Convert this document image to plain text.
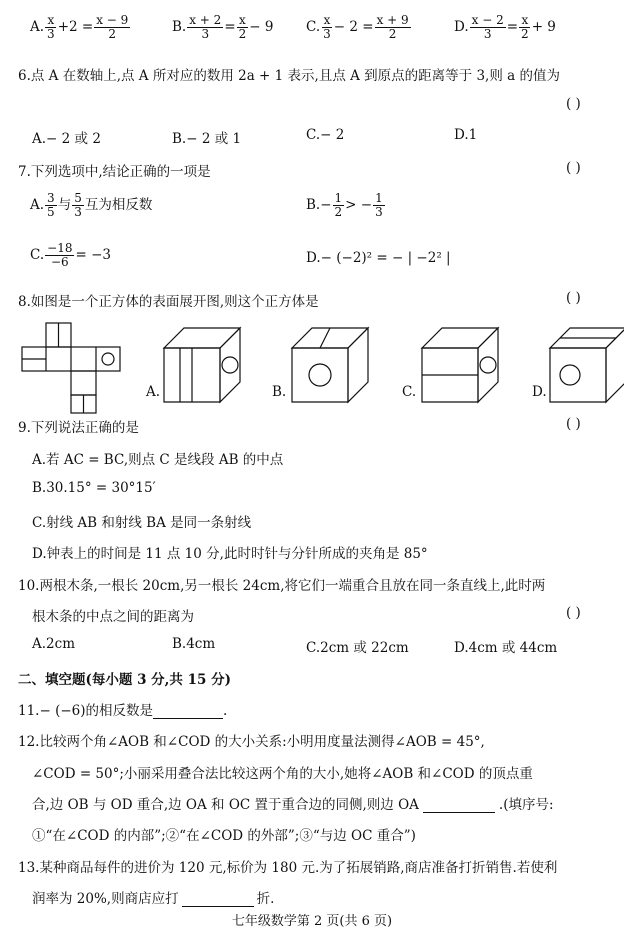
A. $\frac{x}{3} +2 = \frac{x - 9}{2}$	B. $\frac{x + 2}{3} = \frac{x}{2} - 9$ C. $\frac{x}{3} - 2 = \frac{x + 9}{2}$	D. $\frac{x - 2}{3} = \frac{x}{2} + 9$
6.点 A 在数轴上,点 A 所对应的数用 2a + 1 表示,且点 A 到原点的距离等于 3,则 a 的值为
( )
A.− 2 或 2	B.− 2 或 1	C.− 2	D.1
7.下列选项中,结论正确的一项是	( )
A. $\frac{3}{5}$ 与 $\frac{5}{3}$ 互为相反数	$B.- \frac{1}{2}$ > − $\frac{1}{3}$
C. $\frac{-18}{-6} = -3$	D.− (−2)² = − | −2² |
8.如图是一个正方体的表面展开图,则这个正方体是	( )
A.	B.	C.	D.
9.下列说法正确的是	( )
A.若 AC = BC,则点 C 是线段 AB 的中点
B.30.15° = 30°15′
C.射线 AB 和射线 BA 是同一条射线
D.钟表上的时间是 11 点 10 分,此时时针与分针所成的夹角是 85°
10.两根木条,一根长 20cm,另一根长 24cm,将它们一端重合且放在同一条直线上,此时两
根木条的中点之间的距离为	( )
A.2cm	B.4cm	C.2cm 或 22cm	D.4cm 或 44cm
二、填空题(每小题 3 分,共 15 分)
11.− (−6)的相反数是	.
12.比较两个角∠AOB 和∠COD 的大小关系:小明用度量法测得∠AOB = 45°,
∠COD = 50°;小丽采用叠合法比较这两个角的大小,她将∠AOB 和∠COD 的顶点重
合,边 OB 与 OD 重合,边 OA 和 OC 置于重合边的同侧,则边 OA	.(填序号:
①“在∠COD 的内部”;②“在∠COD 的外部”;③“与边 OC 重合”)
13.某种商品每件的进价为 120 元,标价为 180 元.为了拓展销路,商店准备打折销售.若使利
润率为 20%,则商店应打	折.
七年级数学第 2 页(共 6 页)
